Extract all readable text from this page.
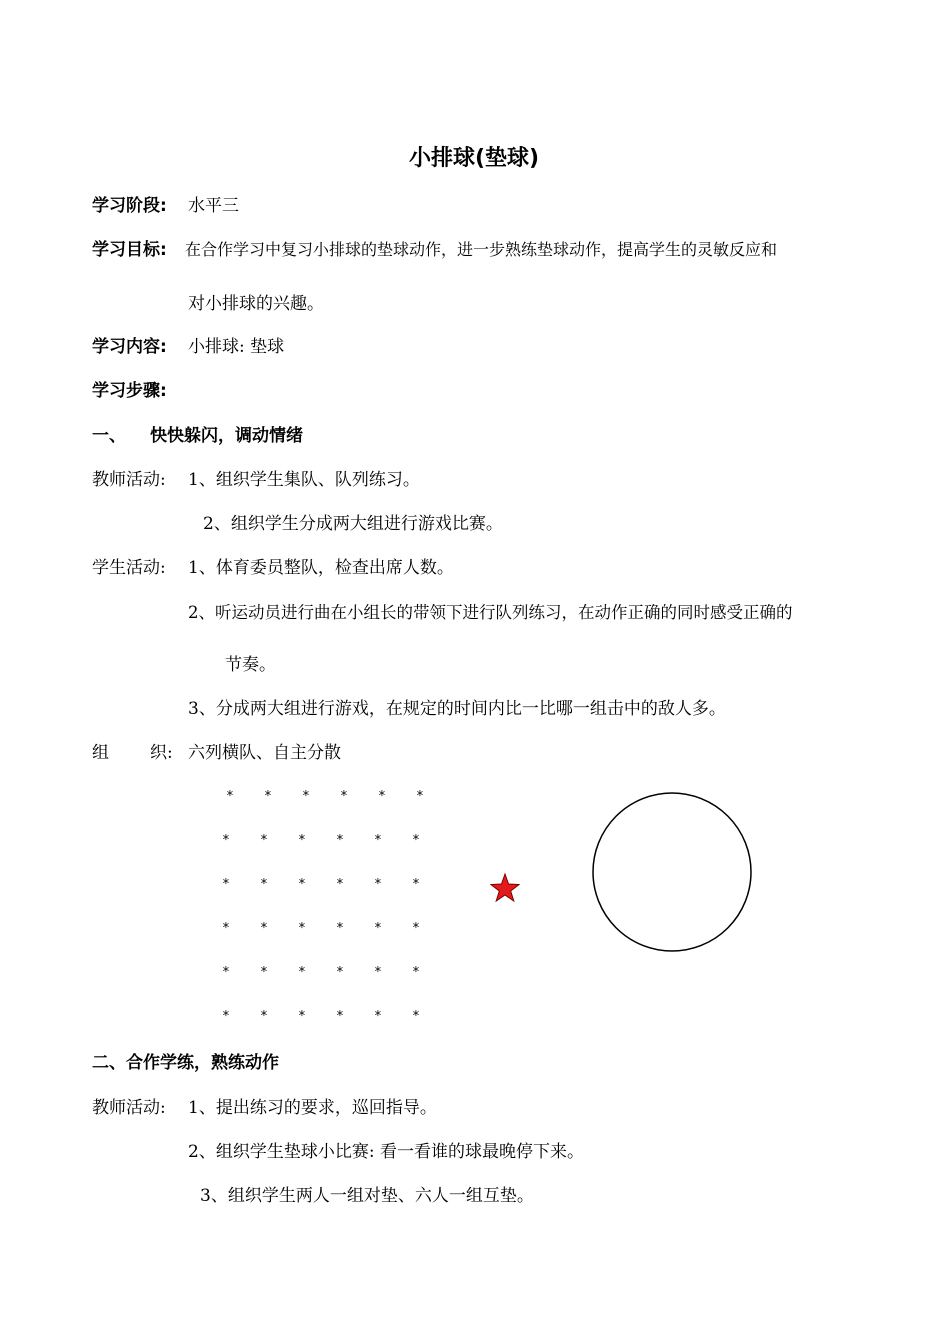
小排球(垫球)
学习阶段: 水平三
学习目标: 在合作学习中复习小排球的垫球动作，进一步熟练垫球动作，提高学生的灵敏反应和
对小排球的兴趣。
学习内容: 小排球: 垫球
学习步骤:
一、 快快躲闪，调动情绪
教师活动: 1、组织学生集队、队列练习。
2、组织学生分成两大组进行游戏比赛。
学生活动: 1、体育委员整队，检查出席人数。
2、听运动员进行曲在小组长的带领下进行队列练习，在动作正确的同时感受正确的
节奏。
3、分成两大组进行游戏，在规定的时间内比一比哪一组击中的敌人多。
组 织: 六列横队、自主分散
* * * * * *
* * * * * *
* * * * * *
* * * * * *
* * * * * *
* * * * * *
二、合作学练，熟练动作
教师活动: 1、提出练习的要求，巡回指导。
2、组织学生垫球小比赛: 看一看谁的球最晚停下来。
3、组织学生两人一组对垫、六人一组互垫。
